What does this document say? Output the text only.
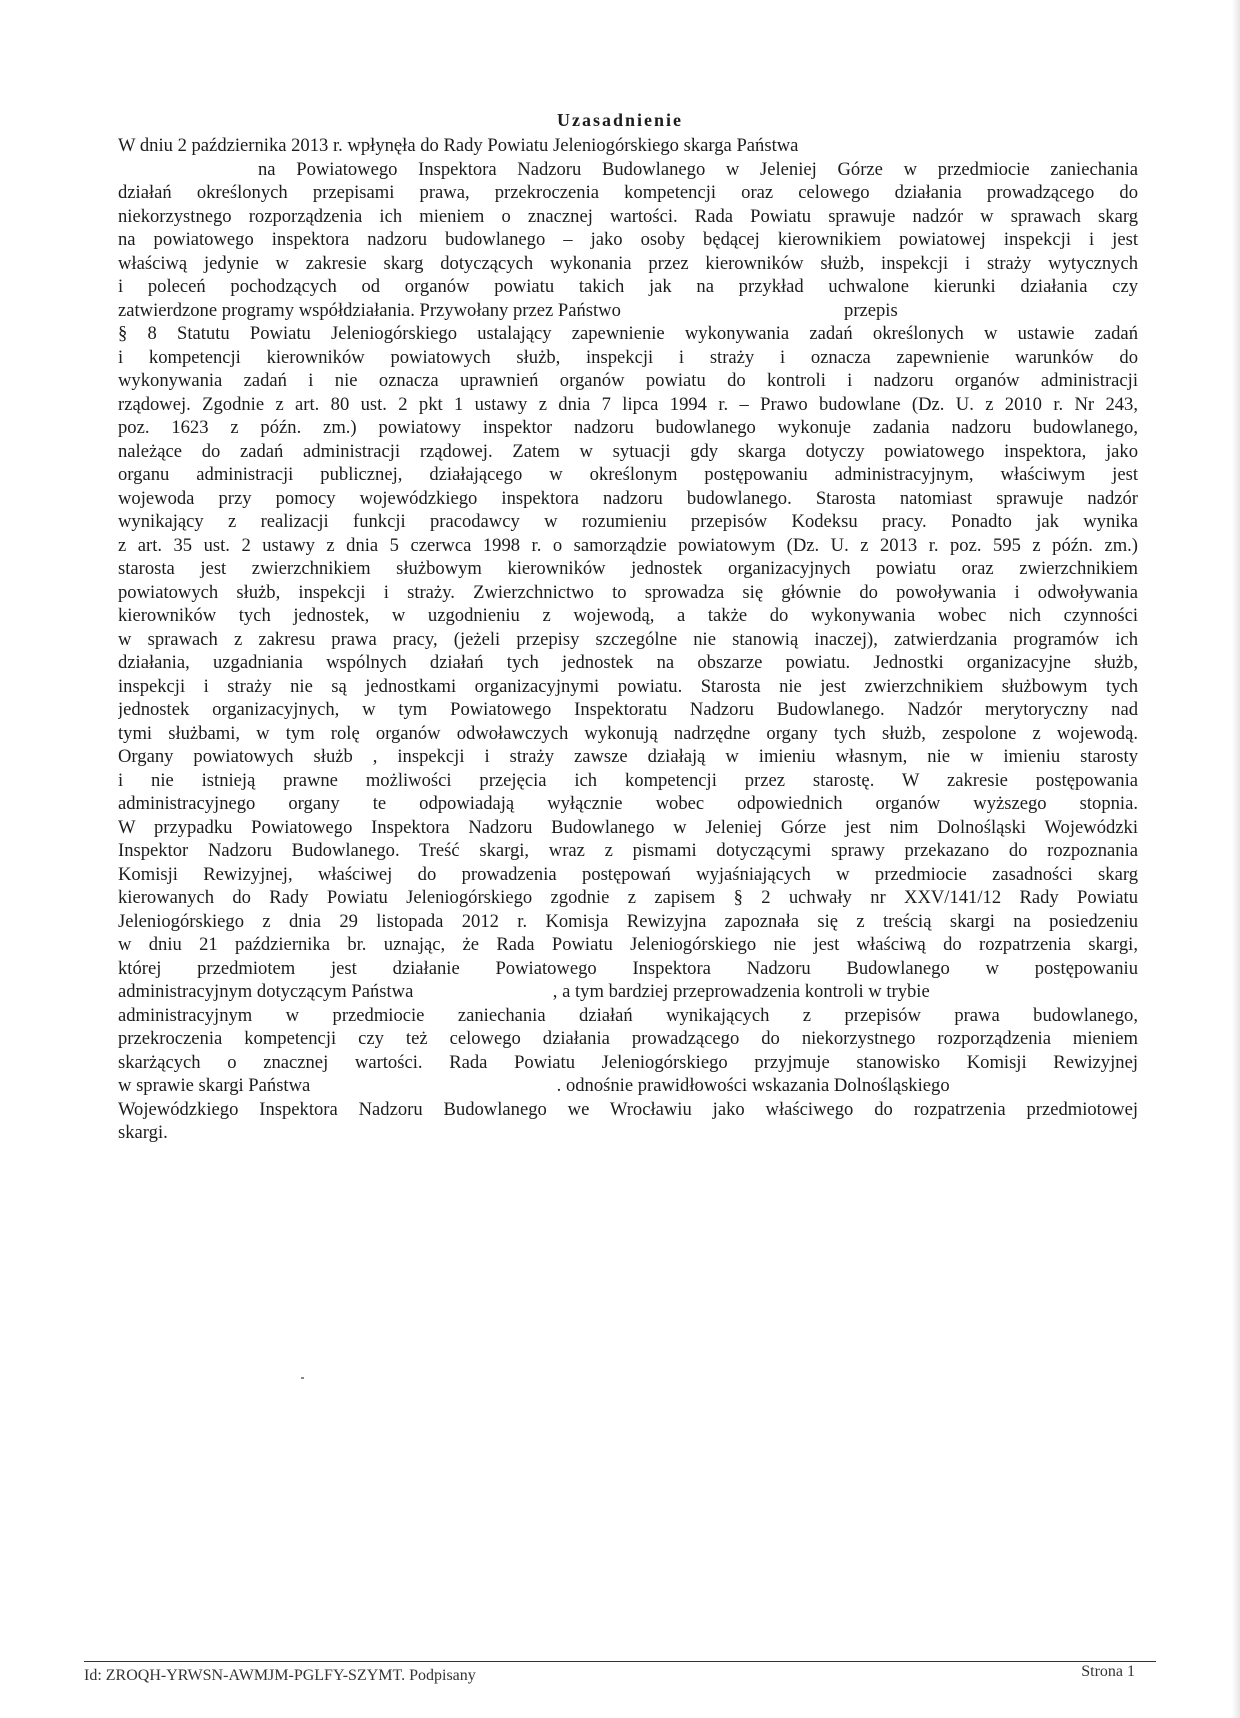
Uzasadnienie
W dniu 2 października 2013 r. wpłynęła do Rady Powiatu Jeleniogórskiego skarga Państwa
na Powiatowego Inspektora Nadzoru Budowlanego w Jeleniej Górze w przedmiocie zaniechania
działań określonych przepisami prawa, przekroczenia kompetencji oraz celowego działania prowadzącego do
niekorzystnego rozporządzenia ich mieniem o znacznej wartości. Rada Powiatu sprawuje nadzór w sprawach skarg
na powiatowego inspektora nadzoru budowlanego – jako osoby będącej kierownikiem powiatowej inspekcji i jest
właściwą jedynie w zakresie skarg dotyczących wykonania przez kierowników służb, inspekcji i straży wytycznych
i poleceń pochodzących od organów powiatu takich jak na przykład uchwalone kierunki działania czy
zatwierdzone programy współdziałania. Przywołany przez Państwo                                                przepis
§ 8 Statutu Powiatu Jeleniogórskiego ustalający zapewnienie wykonywania zadań określonych w ustawie zadań
i kompetencji kierowników powiatowych służb, inspekcji i straży i oznacza zapewnienie warunków do
wykonywania zadań i nie oznacza uprawnień organów powiatu do kontroli i nadzoru organów administracji
rządowej. Zgodnie z art. 80 ust. 2 pkt 1 ustawy z dnia 7 lipca 1994 r. – Prawo budowlane (Dz. U. z 2010 r. Nr 243,
poz. 1623 z późn. zm.) powiatowy inspektor nadzoru budowlanego wykonuje zadania nadzoru budowlanego,
należące do zadań administracji rządowej. Zatem w sytuacji gdy skarga dotyczy powiatowego inspektora, jako
organu administracji publicznej, działającego w określonym postępowaniu administracyjnym, właściwym jest
wojewoda przy pomocy wojewódzkiego inspektora nadzoru budowlanego. Starosta natomiast sprawuje nadzór
wynikający z realizacji funkcji pracodawcy w rozumieniu przepisów Kodeksu pracy. Ponadto jak wynika
z art. 35 ust. 2 ustawy z dnia 5 czerwca 1998 r. o samorządzie powiatowym (Dz. U. z 2013 r. poz. 595 z późn. zm.)
starosta jest zwierzchnikiem służbowym kierowników jednostek organizacyjnych powiatu oraz zwierzchnikiem
powiatowych służb, inspekcji i straży. Zwierzchnictwo to sprowadza się głównie do powoływania i odwoływania
kierowników tych jednostek, w uzgodnieniu z wojewodą, a także do wykonywania wobec nich czynności
w sprawach z zakresu prawa pracy, (jeżeli przepisy szczególne nie stanowią inaczej), zatwierdzania programów ich
działania, uzgadniania wspólnych działań tych jednostek na obszarze powiatu. Jednostki organizacyjne służb,
inspekcji i straży nie są jednostkami organizacyjnymi powiatu. Starosta nie jest zwierzchnikiem służbowym tych
jednostek organizacyjnych, w tym Powiatowego Inspektoratu Nadzoru Budowlanego. Nadzór merytoryczny nad
tymi służbami, w tym rolę organów odwoławczych wykonują nadrzędne organy tych służb, zespolone z wojewodą.
Organy powiatowych służb , inspekcji i straży zawsze działają w imieniu własnym, nie w imieniu starosty
i nie istnieją prawne możliwości przejęcia ich kompetencji przez starostę. W zakresie postępowania
administracyjnego organy te odpowiadają wyłącznie wobec odpowiednich organów wyższego stopnia.
W przypadku Powiatowego Inspektora Nadzoru Budowlanego w Jeleniej Górze jest nim Dolnośląski Wojewódzki
Inspektor Nadzoru Budowlanego. Treść skargi, wraz z pismami dotyczącymi sprawy przekazano do rozpoznania
Komisji Rewizyjnej, właściwej do prowadzenia postępowań wyjaśniających w przedmiocie zasadności skarg
kierowanych do Rady Powiatu Jeleniogórskiego zgodnie z zapisem § 2 uchwały nr XXV/141/12 Rady Powiatu
Jeleniogórskiego z dnia 29 listopada 2012 r. Komisja Rewizyjna zapoznała się z treścią skargi na posiedzeniu
w dniu 21 października br. uznając, że Rada Powiatu Jeleniogórskiego nie jest właściwą do rozpatrzenia skargi,
której przedmiotem jest działanie Powiatowego Inspektora Nadzoru Budowlanego w postępowaniu
administracyjnym dotyczącym Państwa                              , a tym bardziej przeprowadzenia kontroli w trybie
administracyjnym w przedmiocie zaniechania działań wynikających z przepisów prawa budowlanego,
przekroczenia kompetencji czy też celowego działania prowadzącego do niekorzystnego rozporządzenia mieniem
skarżących o znacznej wartości. Rada Powiatu Jeleniogórskiego przyjmuje stanowisko Komisji Rewizyjnej
w sprawie skargi Państwa                                                     . odnośnie prawidłowości wskazania Dolnośląskiego
Wojewódzkiego Inspektora Nadzoru Budowlanego we Wrocławiu jako właściwego do rozpatrzenia przedmiotowej
skargi.
Id: ZROQH-YRWSN-AWMJM-PGLFY-SZYMT. Podpisany	Strona 1
